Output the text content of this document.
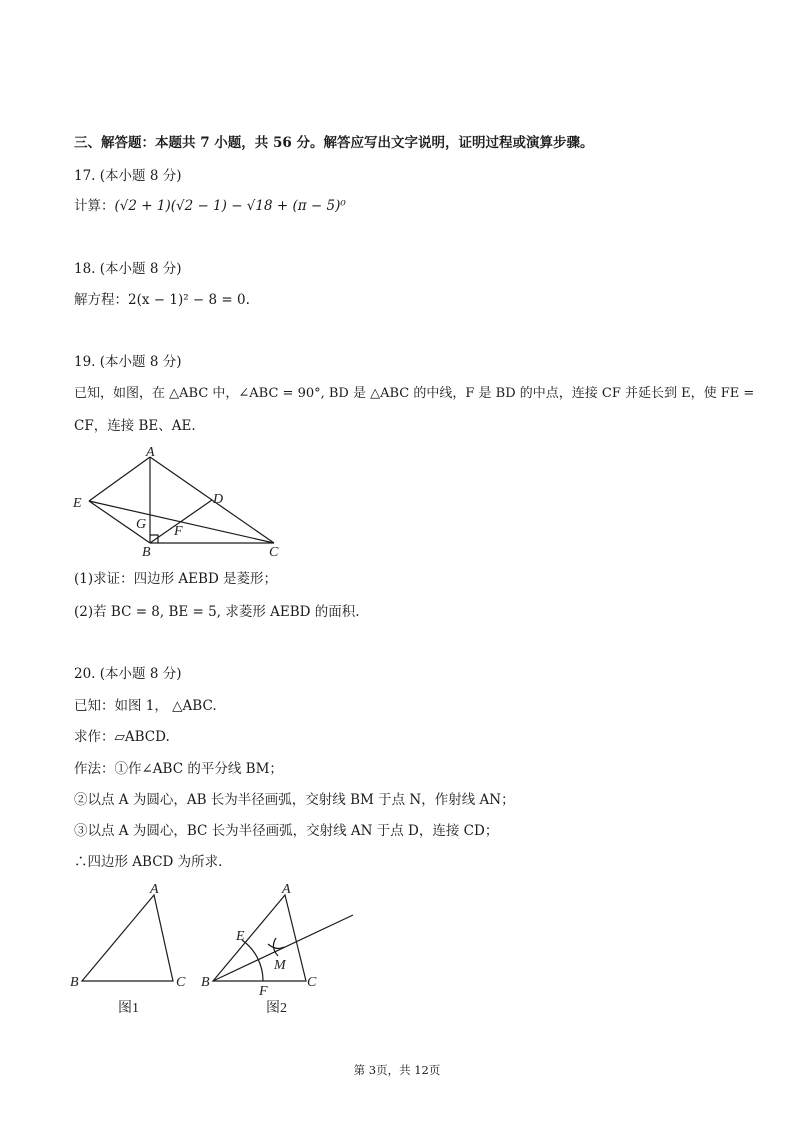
三、解答题：本题共 7 小题，共 56 分。解答应写出文字说明，证明过程或演算步骤。
17. (本小题 8 分)
计算：(√2 + 1)(√2 − 1) − √18 + (π − 5)⁰
18. (本小题 8 分)
解方程：2(x − 1)² − 8 = 0.
19. (本小题 8 分)
已知，如图，在 △ABC 中，∠ABC = 90°, BD 是 △ABC 的中线，F 是 BD 的中点，连接 CF 并延长到 E，使 FE =
CF，连接 BE、AE.
A
E	D
G F
B	C
(1)求证：四边形 AEBD 是菱形；
(2)若 BC = 8, BE = 5, 求菱形 AEBD 的面积.
20. (本小题 8 分)
已知：如图 1， △ABC.
求作：▱ABCD.
作法：①作∠ABC 的平分线 BM；
②以点 A 为圆心，AB 长为半径画弧，交射线 BM 于点 N，作射线 AN；
③以点 A 为圆心，BC 长为半径画弧，交射线 AN 于点 D，连接 CD；
∴四边形 ABCD 为所求.
A
B	C
图1
A
E
M
B
F
C
图2
第 3页，共 12页
